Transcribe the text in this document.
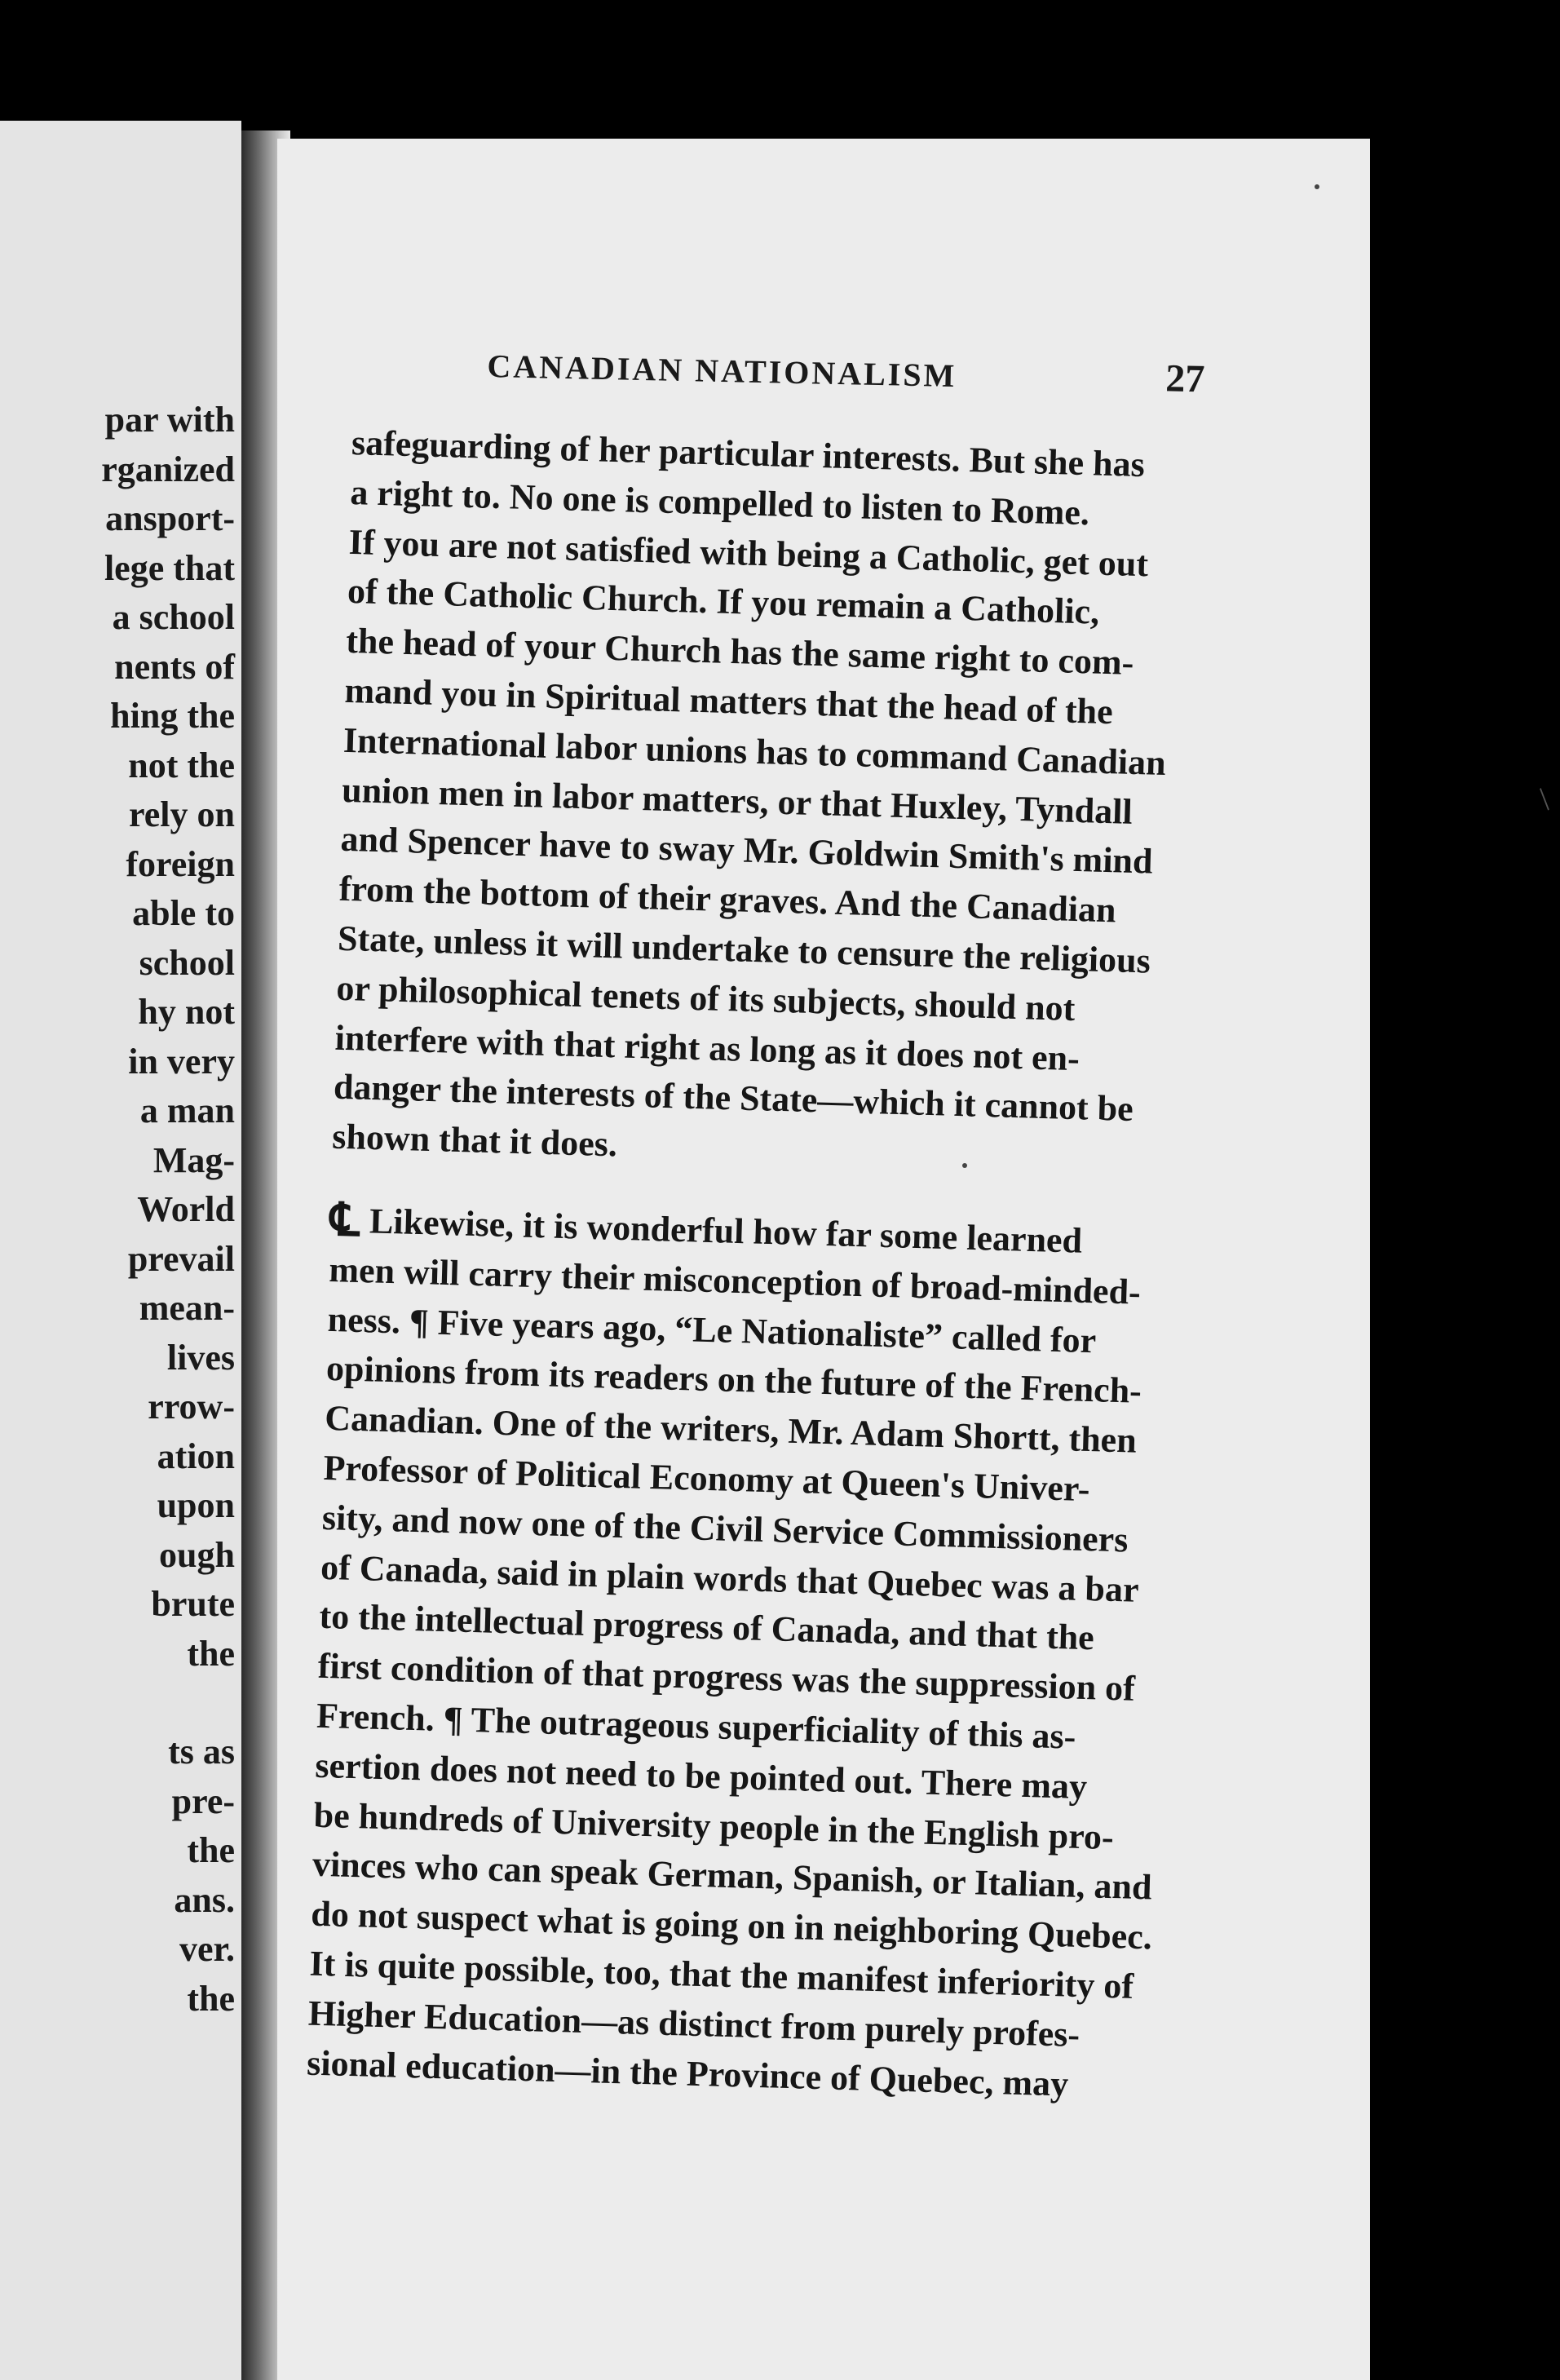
par with
rganized
ansport-
lege that
a school
nents of
hing the
not the
rely on
foreign
able to
school
hy not
in very
a man
Mag-
World
prevail
mean-
lives
rrow-
ation
upon
ough
brute
the
ts as
pre-
the
ans.
ver.
the
CANADIAN NATIONALISM	27
safeguarding of her particular interests. But she has
a right to. No one is compelled to listen to Rome.
If you are not satisfied with being a Catholic, get out
of the Catholic Church. If you remain a Catholic,
the head of your Church has the same right to com-
mand you in Spiritual matters that the head of the
International labor unions has to command Canadian
union men in labor matters, or that Huxley, Tyndall
and Spencer have to sway Mr. Goldwin Smith's mind
from the bottom of their graves. And the Canadian
State, unless it will undertake to censure the religious
or philosophical tenets of its subjects, should not
interfere with that right as long as it does not en-
danger the interests of the State—which it cannot be
shown that it does.
℄ Likewise, it is wonderful how far some learned
men will carry their misconception of broad-minded-
ness. ¶ Five years ago, “Le Nationaliste” called for
opinions from its readers on the future of the French-
Canadian. One of the writers, Mr. Adam Shortt, then
Professor of Political Economy at Queen's Univer-
sity, and now one of the Civil Service Commissioners
of Canada, said in plain words that Quebec was a bar
to the intellectual progress of Canada, and that the
first condition of that progress was the suppression of
French. ¶ The outrageous superficiality of this as-
sertion does not need to be pointed out. There may
be hundreds of University people in the English pro-
vinces who can speak German, Spanish, or Italian, and
do not suspect what is going on in neighboring Quebec.
It is quite possible, too, that the manifest inferiority of
Higher Education—as distinct from purely profes-
sional education—in the Province of Quebec, may
/
